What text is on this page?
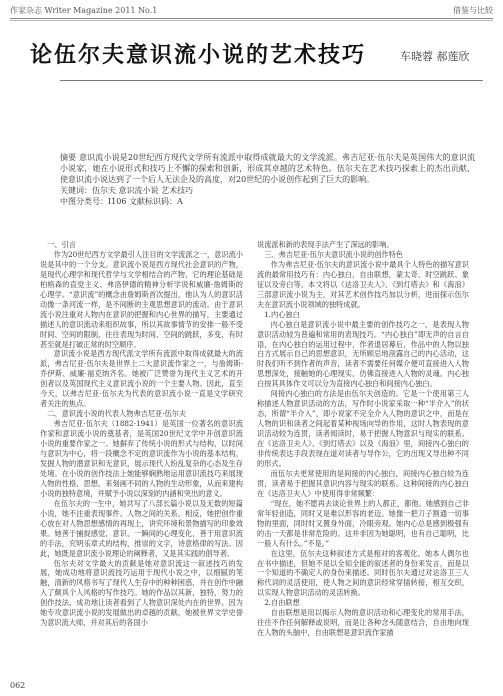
作家杂志 Writer Magazine 2011 No.1	借鉴与比较
论伍尔夫意识流小说的艺术技巧	车晓蓉 郝莲欣

摘要 意识流小说是20世纪西方现代文学所有流派中取得成就最大的文学流派。弗吉尼亚·伍尔夫是英国伟大的意识流小说家，她在小说形式和技巧上不懈的探索和创新，形成其卓越的艺术特色。伍尔夫在艺术技巧探索上的杰出贡献，使意识流小说达到了一个后人无法企及的高度，对20世纪的小说创作起到了巨大的影响。

关键词：伍尔夫 意识流小说 艺术技巧

中图分类号：I106 文献标识码：A

一、引言

作为20世纪西方文学最引人注目的文学流派之一，意识流小说是其中的一个分支。意识流小说是西方现代社会意识的产物，是现代心理学和现代哲学与文学相结合的产物，它的理论基础是柏格森的直觉主义、弗洛伊德的精神分析学说和威廉·詹姆斯的心理学。“意识流”的概念由詹姆斯首次提出，他认为人的意识活动像一条河流一样，是不间断的主观思想意识的流动。由于意识流小说注重对人物内在意识的把握和内心世界的描写，主要通过描述人的意识流动来组织故事，所以其故事情节的安排一般不受时间、空间的限制，往往表现为时间、空间的跳跃，多变，有时甚至就是打破正常的时空顺序。

意识流小说是西方现代派文学所有流派中取得成就最大的流派，弗吉尼亚·伍尔夫是世界上二大意识流作家之一，与詹姆斯·乔伊斯、威廉·福克纳齐名。她被广泛赞誉为现代主义艺术的开创者以及英国现代主义意识流小说的一个主要人物。因此，直至今天，以弗吉尼亚·伍尔夫为代表的意识流小说一直是文学研究者关注的焦点。

二、意识流小说的代表人物弗吉尼亚·伍尔夫

弗吉尼亚·伍尔夫（1882-1941）是英国一位著名的意识流作家和意识流小说的奠基者，是英国20世纪文学中开创意识流小说的重要作家之一。她摒弃了传统小说的形式与结构，以时间与意识为中心，将一段概念不定的意识流作为小说的基本结构，发掘人物的潜意识和无意识，展示现代人纷乱复杂的心态及生存处境。在小说的创作技法上她能够娴熟地运用意识流技巧来展现人物的性格、思想，来刻画不同的人物的生动形象，从而来建构小说的独特意境，并赋予小说以深刻的内涵和突出的意义。

在伍尔夫的一生中，她共写了八部长篇小说以及无数的短篇小说，她不注重表现事件、人物之间的关系，相反，她把创作重心放在对人物思想感情的再现上，讲究环境和景物描写的印象效果。她善于捕捉感觉、意识、一瞬间的心理变化，善于用意识流的手法，究明乐章式的结构，推崇的文字，诗意格律的写法。因此，她既是意识流小说理论的阐释者，又是其实践的倡导者。

伍尔夫对文学最大的贡献是她对意识流这一叙述技巧的发展，她成功地将意识流技巧运用于现代小说之中，以细腻的笔触，清新的风格书写了现代人生存中的种种困惑，并在创作中融入了颇具个人风格的写作技巧。她的作品以其新，独特，努力的创作技法，成功地让读者看到了人物意识深处内在的世界。因为她专攻意识流小说的发展做出的卓越的贡献，她被世界文学史誉为意识流大师，并对其后的各国小

说流派和新的表现手法产生了深远的影响。

三、弗吉尼亚·伍尔夫意识流小说的创作特色

作为弗吉尼亚·伍尔夫的意识流小说中最具个人特色的描写意识流的最常用技巧有：内心独白，自由联想，蒙太奇、时空跳跃、象征以及旁白等。本文将以《达洛卫夫人》、《到灯塔去》和《海浪》三部意识流小说为主，对其艺术创作技巧加以分析，进而探示伍尔夫在意识流小说领域的独特成就。

1.内心独白

内心独白是意识流小说中最主要的创作技巧之一，是表现人物意识活动较为普遍和常用的表现技巧。“内心独白”即无声的自言自语，在内心独白的运用过程中，作者退居幕后，作品中的人物以独白方式展示自己的思想意识，无所顾忌地剖露自己的内心活动，这时我们听不到作者的声音，读者不需要任何媒介便可直接进入人物思想深处，接触她的心理现实，仿佛直接进入人物的灵魂。内心独白按其具体作文可以分为直接内心独白和间接内心独白。

间接内心独白的方法是由伍尔夫创造的。它是一个使用第三人称描述人物意识活动的方法，写作时小说家采取一种“半介入”的状态，所谓“半介入”，即小说家不完全介入人物的意识之中，而是在人物的识和读者之间起着某种视场向导的作用，这时人物表现的意识活动较为连贯，读者阅读时，易于把握人物意识与现实的联系。在《达洛卫夫人》、《到灯塔去》以及《海浪》里，间接内心独白的非传统表达手段表现在道对读者与导作公，它的出现又导出种不同的形式。

而伍尔夫更常使用的是间接的内心独白，间接内心独白较为连贯，读者易于把握其意识内容与现实的联系。这种间接的内心独白在《达洛卫夫人》中使用得非常频繁：

“现在，她不愿再去谈论世界上的人都正，都他。她感到自己非常年轻创造，同时又是难以形容的老迈。她像一把刀子割通一切事物的里面，同时时又置身外面，冷眼旁观。她内心总是感到极强有的击一天都是非常危险的。这并非因为她聪明，也有自己聪明，比一般人有什么。”不是。”

在这里，伍尔夫这种叙述方式是相对的客观化，她本人偶尔也在书中描述，但她不是以全知全能的叙述者的身份来发言，而是以一个知道的不确定人的身份来描述。同时伍尔夫通过对达洛卫三人称代词的灵活使用，使人物之间的意识经常穿插转接，相互交织，以实现人物意识活动的灵活转换。

2.自由联想

自由联想是用以揭示人物的意识活动和心理变化的常用手法，往往不作任何解释或说明，而是让各种念头随意结合，自由地向现在人物的头脑中，自由联想是意识流作家描

062
